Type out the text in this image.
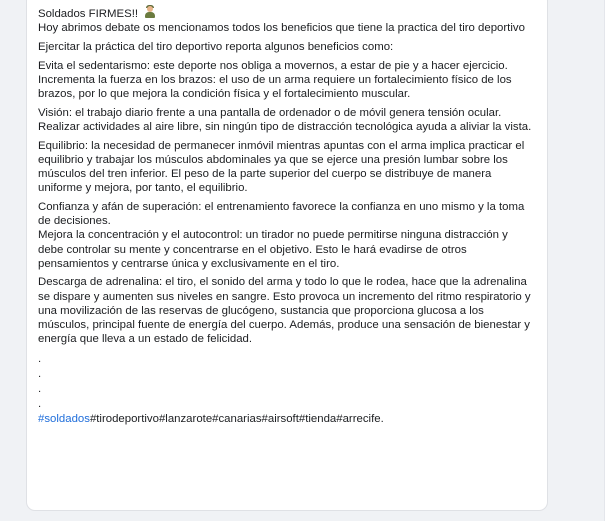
Soldados FIRMES!!

Hoy abrimos debate os mencionamos todos los beneficios que tiene la practica del tiro deportivo

Ejercitar la práctica del tiro deportivo reporta algunos beneficios como:

Evita el sedentarismo: este deporte nos obliga a movernos, a estar de pie y a hacer ejercicio.
Incrementa la fuerza en los brazos: el uso de un arma requiere un fortalecimiento físico de los brazos, por lo que mejora la condición física y el fortalecimiento muscular.

Visión: el trabajo diario frente a una pantalla de ordenador o de móvil genera tensión ocular. Realizar actividades al aire libre, sin ningún tipo de distracción tecnológica ayuda a aliviar la vista.

Equilibrio: la necesidad de permanecer inmóvil mientras apuntas con el arma implica practicar el equilibrio y trabajar los músculos abdominales ya que se ejerce una presión lumbar sobre los músculos del tren inferior. El peso de la parte superior del cuerpo se distribuye de manera uniforme y mejora, por tanto, el equilibrio.

Confianza y afán de superación: el entrenamiento favorece la confianza en uno mismo y la toma de decisiones.
Mejora la concentración y el autocontrol: un tirador no puede permitirse ninguna distracción y debe controlar su mente y concentrarse en el objetivo. Esto le hará evadirse de otros pensamientos y centrarse única y exclusivamente en el tiro.

Descarga de adrenalina: el tiro, el sonido del arma y todo lo que le rodea, hace que la adrenalina se dispare y aumenten sus niveles en sangre. Esto provoca un incremento del ritmo respiratorio y una movilización de las reservas de glucógeno, sustancia que proporciona glucosa a los músculos, principal fuente de energía del cuerpo. Además, produce una sensación de bienestar y energía que lleva a un estado de felicidad.

.
.
.
.
#soldados#tirodeportivo#lanzarote#canarias#airsoft#tienda#arrecife.
